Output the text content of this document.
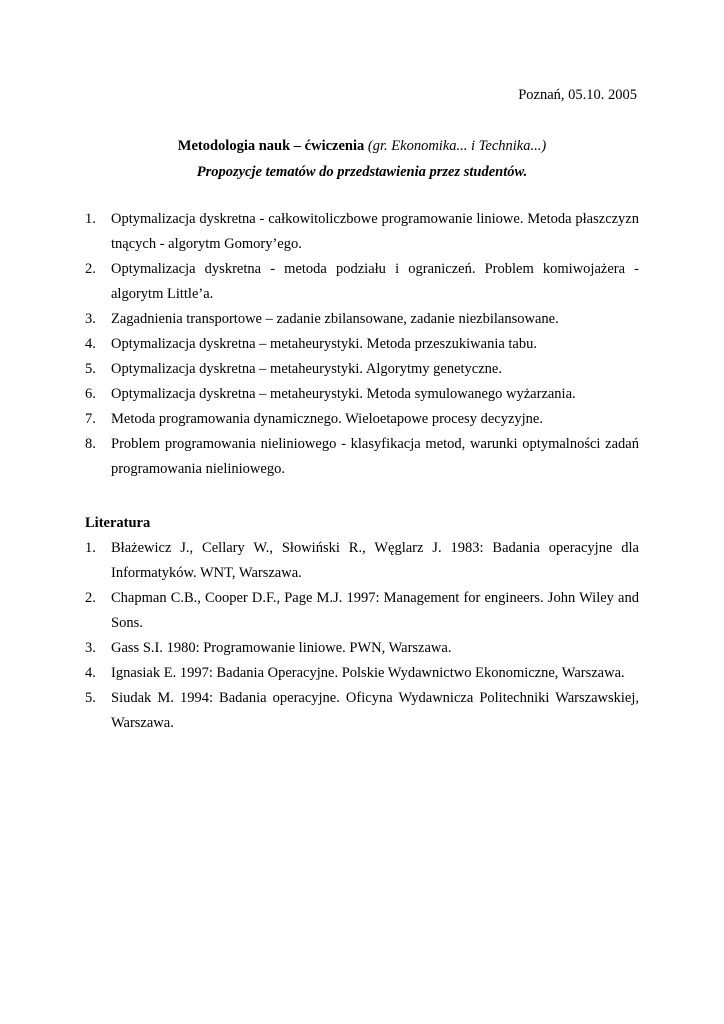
Poznań, 05.10. 2005
Metodologia nauk – ćwiczenia (gr. Ekonomika... i Technika...)
Propozycje tematów do przedstawienia przez studentów.
1. Optymalizacja dyskretna - całkowitoliczbowe programowanie liniowe. Metoda płaszczyzn tnących - algorytm Gomory’ego.
2. Optymalizacja dyskretna - metoda podziału i ograniczeń. Problem komiwojażera - algorytm Little’a.
3. Zagadnienia transportowe – zadanie zbilansowane, zadanie niezbilansowane.
4. Optymalizacja dyskretna – metaheurystyki. Metoda przeszukiwania tabu.
5. Optymalizacja dyskretna – metaheurystyki. Algorytmy genetyczne.
6. Optymalizacja dyskretna – metaheurystyki. Metoda symulowanego wyżarzania.
7. Metoda programowania dynamicznego. Wieloetapowe procesy decyzyjne.
8. Problem programowania nieliniowego - klasyfikacja metod, warunki optymalności zadań programowania nieliniowego.
Literatura
1. Błażewicz J., Cellary W., Słowiński R., Węglarz J. 1983: Badania operacyjne dla Informatyków. WNT, Warszawa.
2. Chapman C.B., Cooper D.F., Page M.J. 1997: Management for engineers. John Wiley and Sons.
3. Gass S.I. 1980: Programowanie liniowe. PWN, Warszawa.
4. Ignasiak E. 1997: Badania Operacyjne. Polskie Wydawnictwo Ekonomiczne, Warszawa.
5. Siudak M. 1994: Badania operacyjne. Oficyna Wydawnicza Politechniki Warszawskiej, Warszawa.
